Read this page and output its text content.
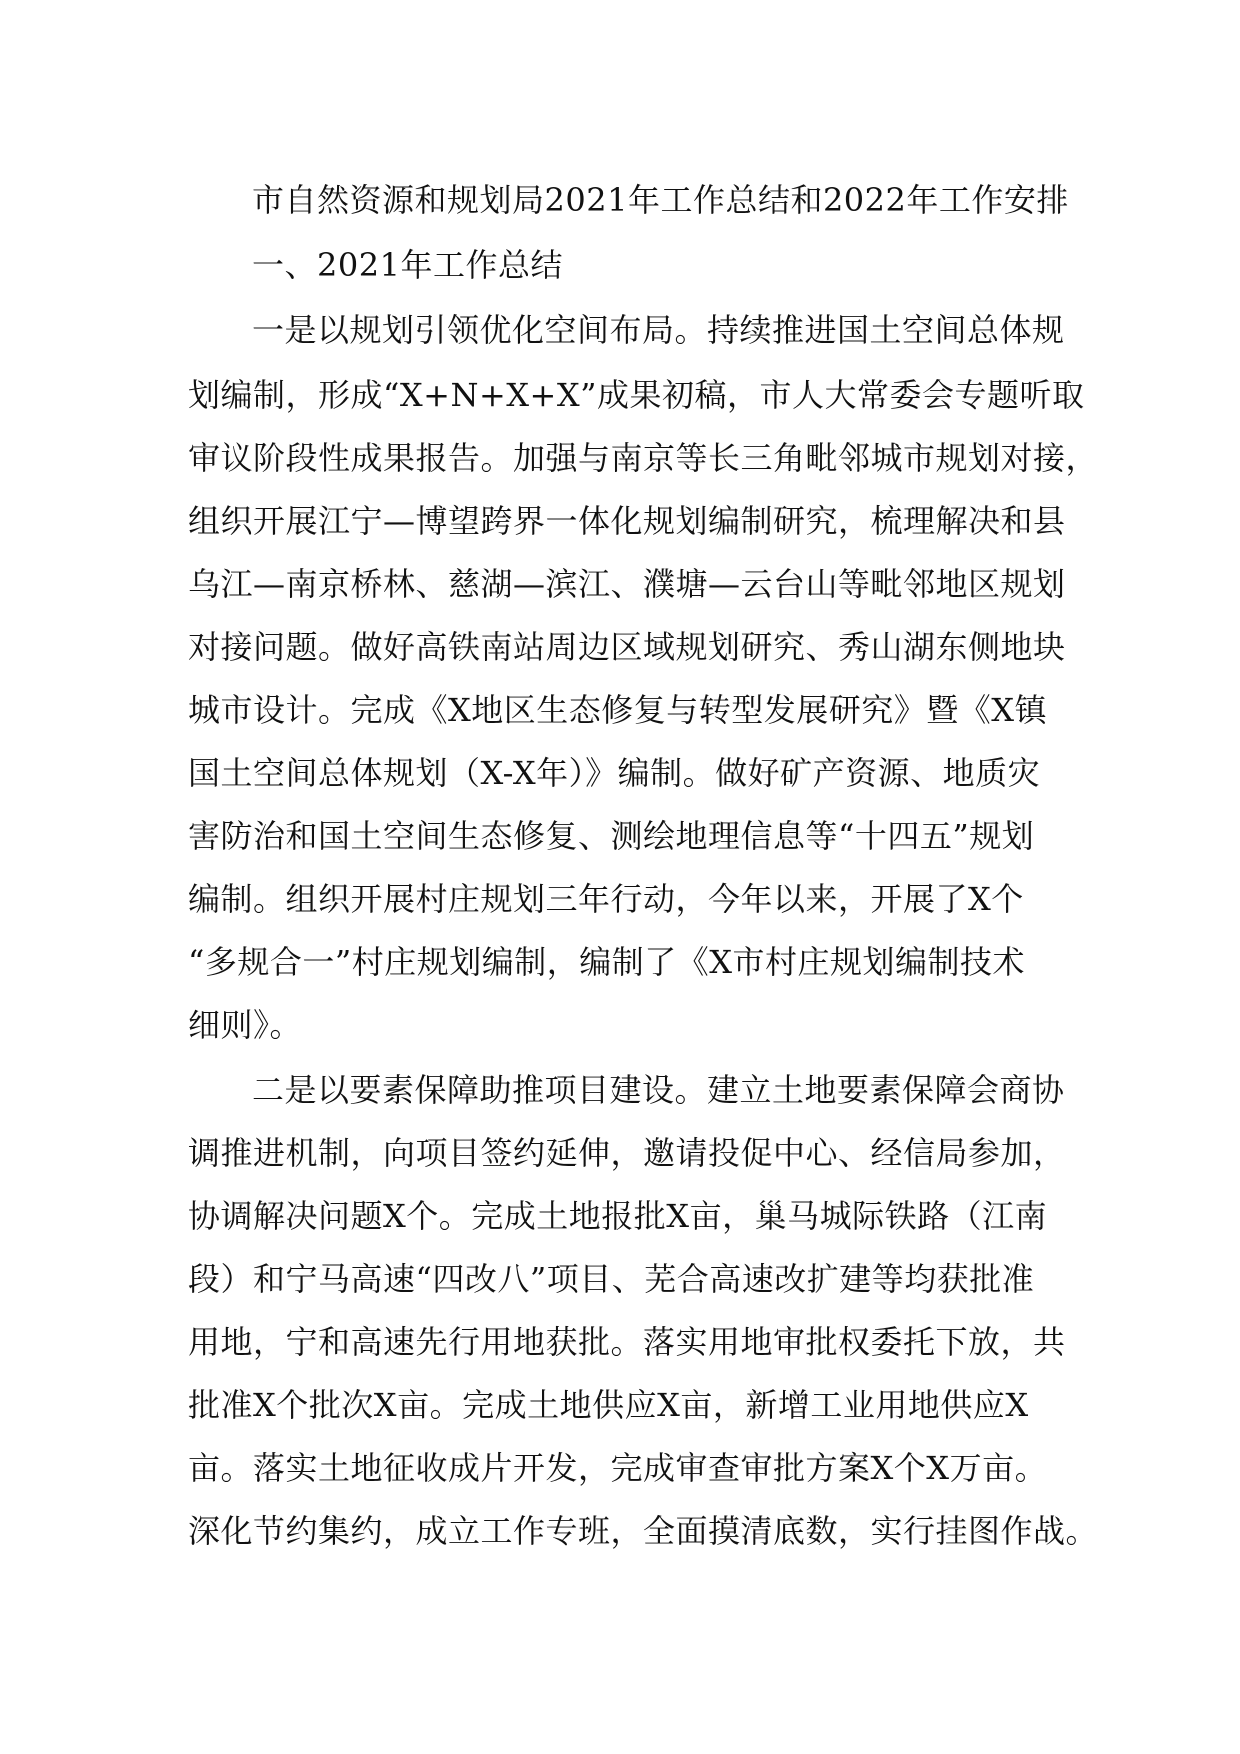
市自然资源和规划局2021年工作总结和2022年工作安排
一、2021年工作总结
一是以规划引领优化空间布局。持续推进国土空间总体规
划编制，形成“X+N+X+X”成果初稿，市人大常委会专题听取
审议阶段性成果报告。加强与南京等长三角毗邻城市规划对接，
组织开展江宁—博望跨界一体化规划编制研究，梳理解决和县
乌江—南京桥林、慈湖—滨江、濮塘—云台山等毗邻地区规划
对接问题。做好高铁南站周边区域规划研究、秀山湖东侧地块
城市设计。完成《X地区生态修复与转型发展研究》暨《X镇
国土空间总体规划（X-X年）》编制。做好矿产资源、地质灾
害防治和国土空间生态修复、测绘地理信息等“十四五”规划
编制。组织开展村庄规划三年行动，今年以来，开展了X个
“多规合一”村庄规划编制，编制了《X市村庄规划编制技术
细则》。
二是以要素保障助推项目建设。建立土地要素保障会商协
调推进机制，向项目签约延伸，邀请投促中心、经信局参加，
协调解决问题X个。完成土地报批X亩，巢马城际铁路（江南
段）和宁马高速“四改八”项目、芜合高速改扩建等均获批准
用地，宁和高速先行用地获批。落实用地审批权委托下放，共
批准X个批次X亩。完成土地供应X亩，新增工业用地供应X
亩。落实土地征收成片开发，完成审查审批方案X个X万亩。
深化节约集约，成立工作专班，全面摸清底数，实行挂图作战。
